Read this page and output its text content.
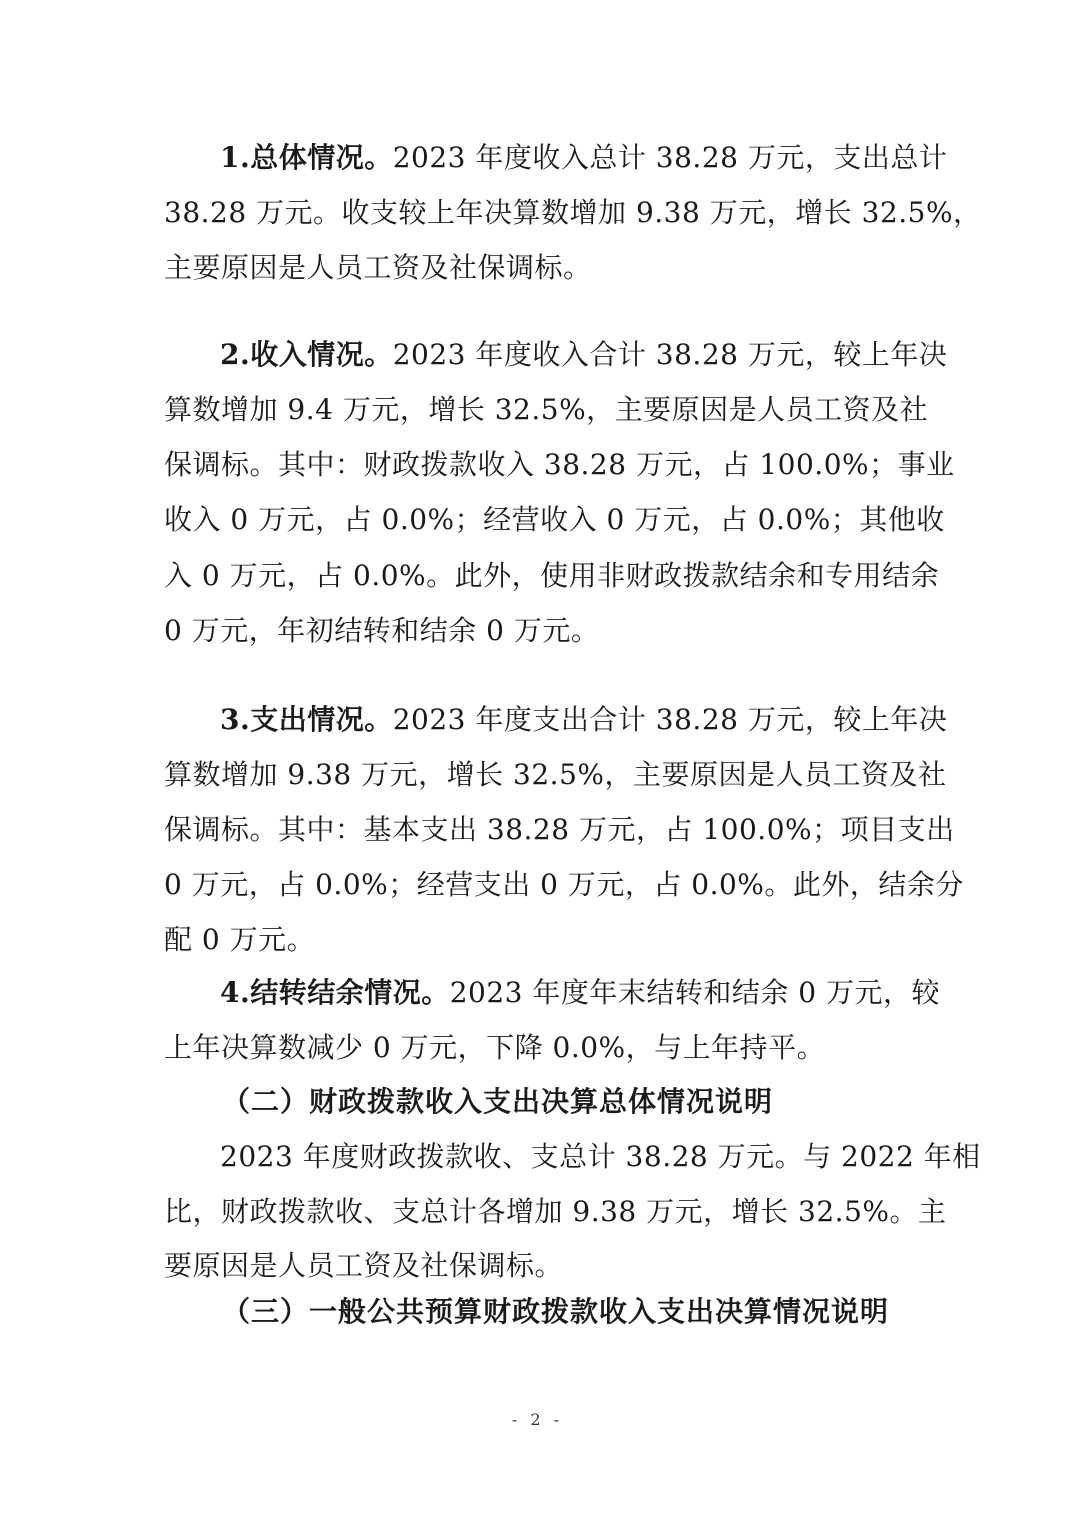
1.总体情况。2023 年度收入总计 38.28 万元，支出总计
38.28 万元。收支较上年决算数增加 9.38 万元，增长 32.5%，
主要原因是人员工资及社保调标。
2.收入情况。2023 年度收入合计 38.28 万元，较上年决
算数增加 9.4 万元，增长 32.5%，主要原因是人员工资及社
保调标。其中：财政拨款收入 38.28 万元，占 100.0%；事业
收入 0 万元，占 0.0%；经营收入 0 万元，占 0.0%；其他收
入 0 万元，占 0.0%。此外，使用非财政拨款结余和专用结余
0 万元，年初结转和结余 0 万元。
3.支出情况。2023 年度支出合计 38.28 万元，较上年决
算数增加 9.38 万元，增长 32.5%，主要原因是人员工资及社
保调标。其中：基本支出 38.28 万元，占 100.0%；项目支出
0 万元，占 0.0%；经营支出 0 万元，占 0.0%。此外，结余分
配 0 万元。
4.结转结余情况。2023 年度年末结转和结余 0 万元，较
上年决算数减少 0 万元，下降 0.0%，与上年持平。
（二）财政拨款收入支出决算总体情况说明
2023 年度财政拨款收、支总计 38.28 万元。与 2022 年相
比，财政拨款收、支总计各增加 9.38 万元，增长 32.5%。主
要原因是人员工资及社保调标。
（三）一般公共预算财政拨款收入支出决算情况说明
- 2 -
